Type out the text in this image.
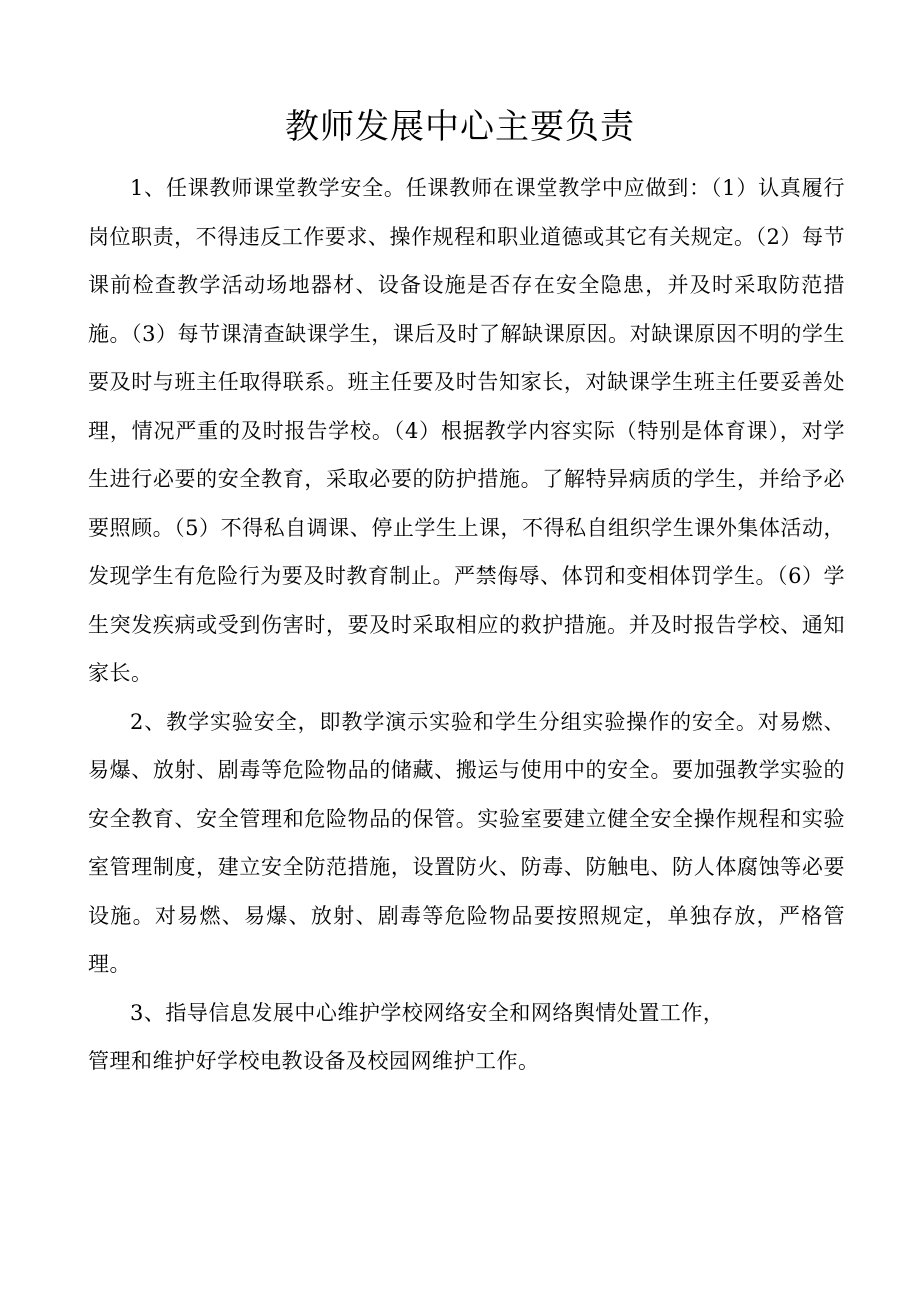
教师发展中心主要负责

1、任课教师课堂教学安全。任课教师在课堂教学中应做到：（1）认真履行岗位职责，不得违反工作要求、操作规程和职业道德或其它有关规定。（2）每节课前检查教学活动场地器材、设备设施是否存在安全隐患，并及时采取防范措施。（3）每节课清查缺课学生，课后及时了解缺课原因。对缺课原因不明的学生要及时与班主任取得联系。班主任要及时告知家长，对缺课学生班主任要妥善处理，情况严重的及时报告学校。（4）根据教学内容实际（特别是体育课），对学生进行必要的安全教育，采取必要的防护措施。了解特异病质的学生，并给予必要照顾。（5）不得私自调课、停止学生上课，不得私自组织学生课外集体活动，发现学生有危险行为要及时教育制止。严禁侮辱、体罚和变相体罚学生。（6）学生突发疾病或受到伤害时，要及时采取相应的救护措施。并及时报告学校、通知家长。

2、教学实验安全，即教学演示实验和学生分组实验操作的安全。对易燃、易爆、放射、剧毒等危险物品的储藏、搬运与使用中的安全。要加强教学实验的安全教育、安全管理和危险物品的保管。实验室要建立健全安全操作规程和实验室管理制度，建立安全防范措施，设置防火、防毒、防触电、防人体腐蚀等必要设施。对易燃、易爆、放射、剧毒等危险物品要按照规定，单独存放，严格管理。

3、指导信息发展中心维护学校网络安全和网络舆情处置工作，

管理和维护好学校电教设备及校园网维护工作。
